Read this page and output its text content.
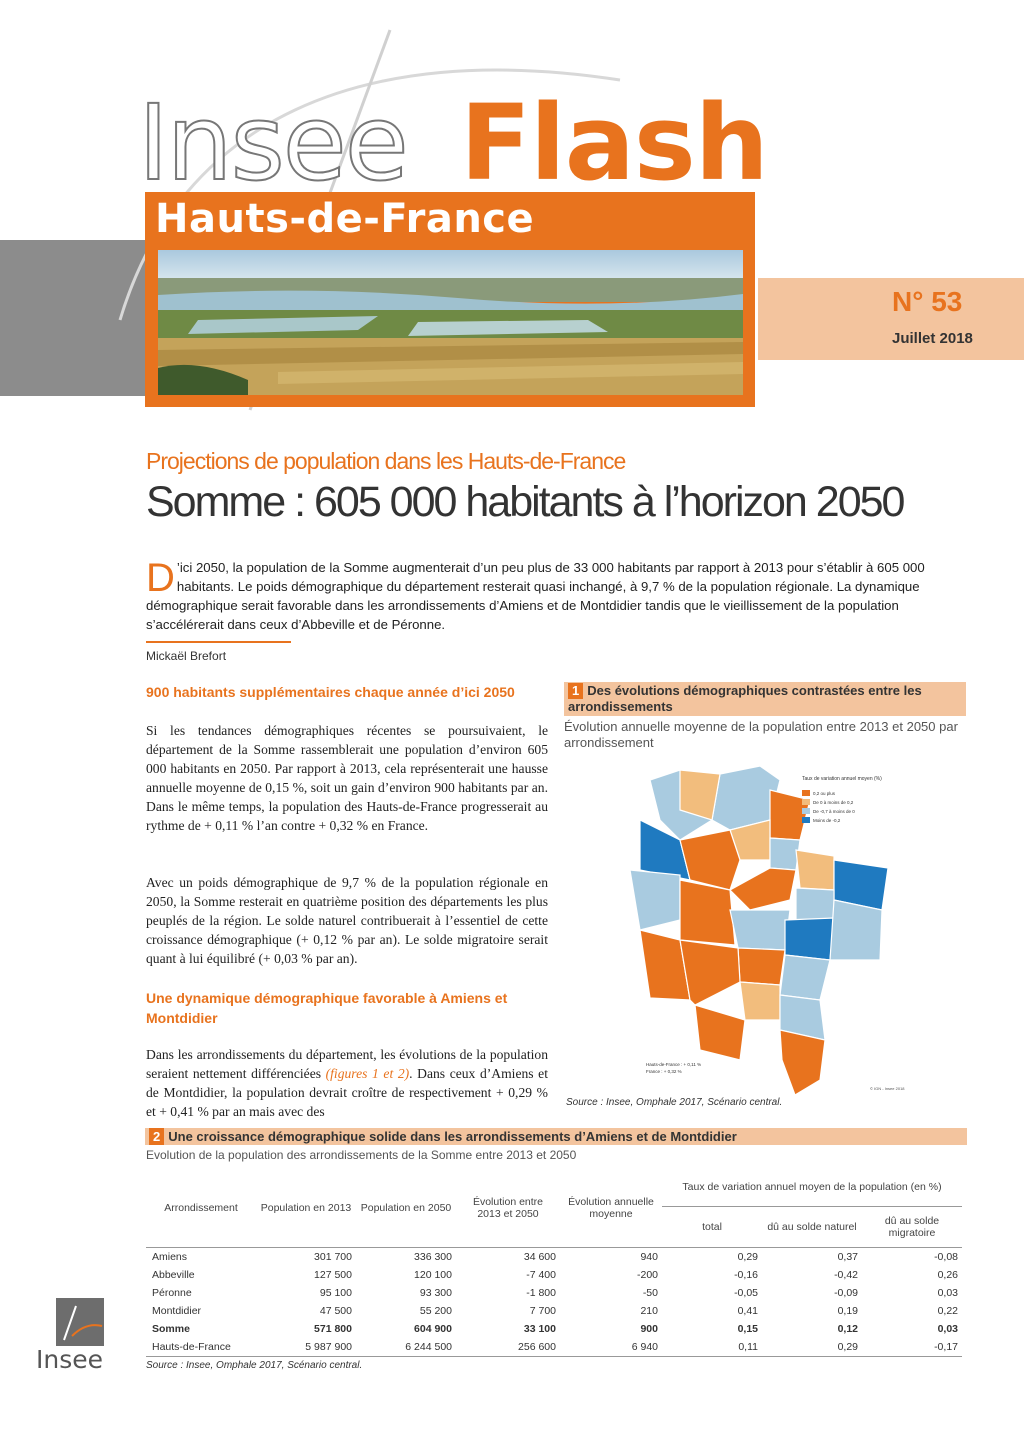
Hauts-de-France
Insee Flash
N° 53
Juillet 2018
Projections de population dans les Hauts-de-France
Somme : 605 000 habitants à l’horizon 2050
D ’ici 2050, la population de la Somme augmenterait d’un peu plus de 33 000 habitants par rapport à 2013 pour s’établir à 605 000 habitants. Le poids démographique du département resterait quasi inchangé, à 9,7 % de la population régionale. La dynamique démographique serait favorable dans les arrondissements d’Amiens et de Montdidier tandis que le vieillissement de la population s’accélérerait dans ceux d’Abbeville et de Péronne.
Mickaël Brefort
900 habitants supplémentaires chaque année d’ici 2050
Si les tendances démographiques récentes se poursuivaient, le département de la Somme rassemblerait une population d’environ 605 000 habitants en 2050. Par rapport à 2013, cela représenterait une hausse annuelle moyenne de 0,15 %, soit un gain d’environ 900 habitants par an. Dans le même temps, la population des Hauts-de-France progresserait au rythme de + 0,11 % l’an contre + 0,32 % en France.
Avec un poids démographique de 9,7 % de la population régionale en 2050, la Somme resterait en quatrième position des départements les plus peuplés de la région. Le solde naturel contribuerait à l’essentiel de cette croissance démographique (+ 0,12 % par an). Le solde migratoire serait quant à lui équilibré (+ 0,03 % par an).
Une dynamique démographique favorable à Amiens et Montdidier
Dans les arrondissements du département, les évolutions de la population seraient nettement différenciées (figures 1 et 2). Dans ceux d’Amiens et de Montdidier, la population devrait croître de respectivement + 0,29 % et + 0,41 % par an mais avec des
1 Des évolutions démographiques contrastées entre les arrondissements
Évolution annuelle moyenne de la population entre 2013 et 2050 par arrondissement
Taux de variation annuel moyen (%)
0,2 ou plus
De 0 à moins de 0,2
De -0,7 à moins de 0
Moins de -0,2
Hauts-de-France : + 0,11 %
France : + 0,32 %
© IGN - Insee 2018
Source : Insee, Omphale 2017, Scénario central.
2 Une croissance démographique solide dans les arrondissements d’Amiens et de Montdidier
Evolution de la population des arrondissements de la Somme entre 2013 et 2050
Arrondissement	Population en 2013	Population en 2050	Évolution entre 2013 et 2050	Évolution annuelle moyenne	Taux de variation annuel moyen de la population (en %)		
					total	dû au solde naturel	dû au solde migratoire
Amiens	301 700	336 300	34 600	940	0,29	0,37	-0,08
Abbeville	127 500	120 100	-7 400	-200	-0,16	-0,42	0,26
Péronne	95 100	93 300	-1 800	-50	-0,05	-0,09	0,03
Montdidier	47 500	55 200	7 700	210	0,41	0,19	0,22
Somme	571 800	604 900	33 100	900	0,15	0,12	0,03
Hauts-de-France	5 987 900	6 244 500	256 600	6 940	0,11	0,29	-0,17
Source : Insee, Omphale 2017, Scénario central.
Insee
